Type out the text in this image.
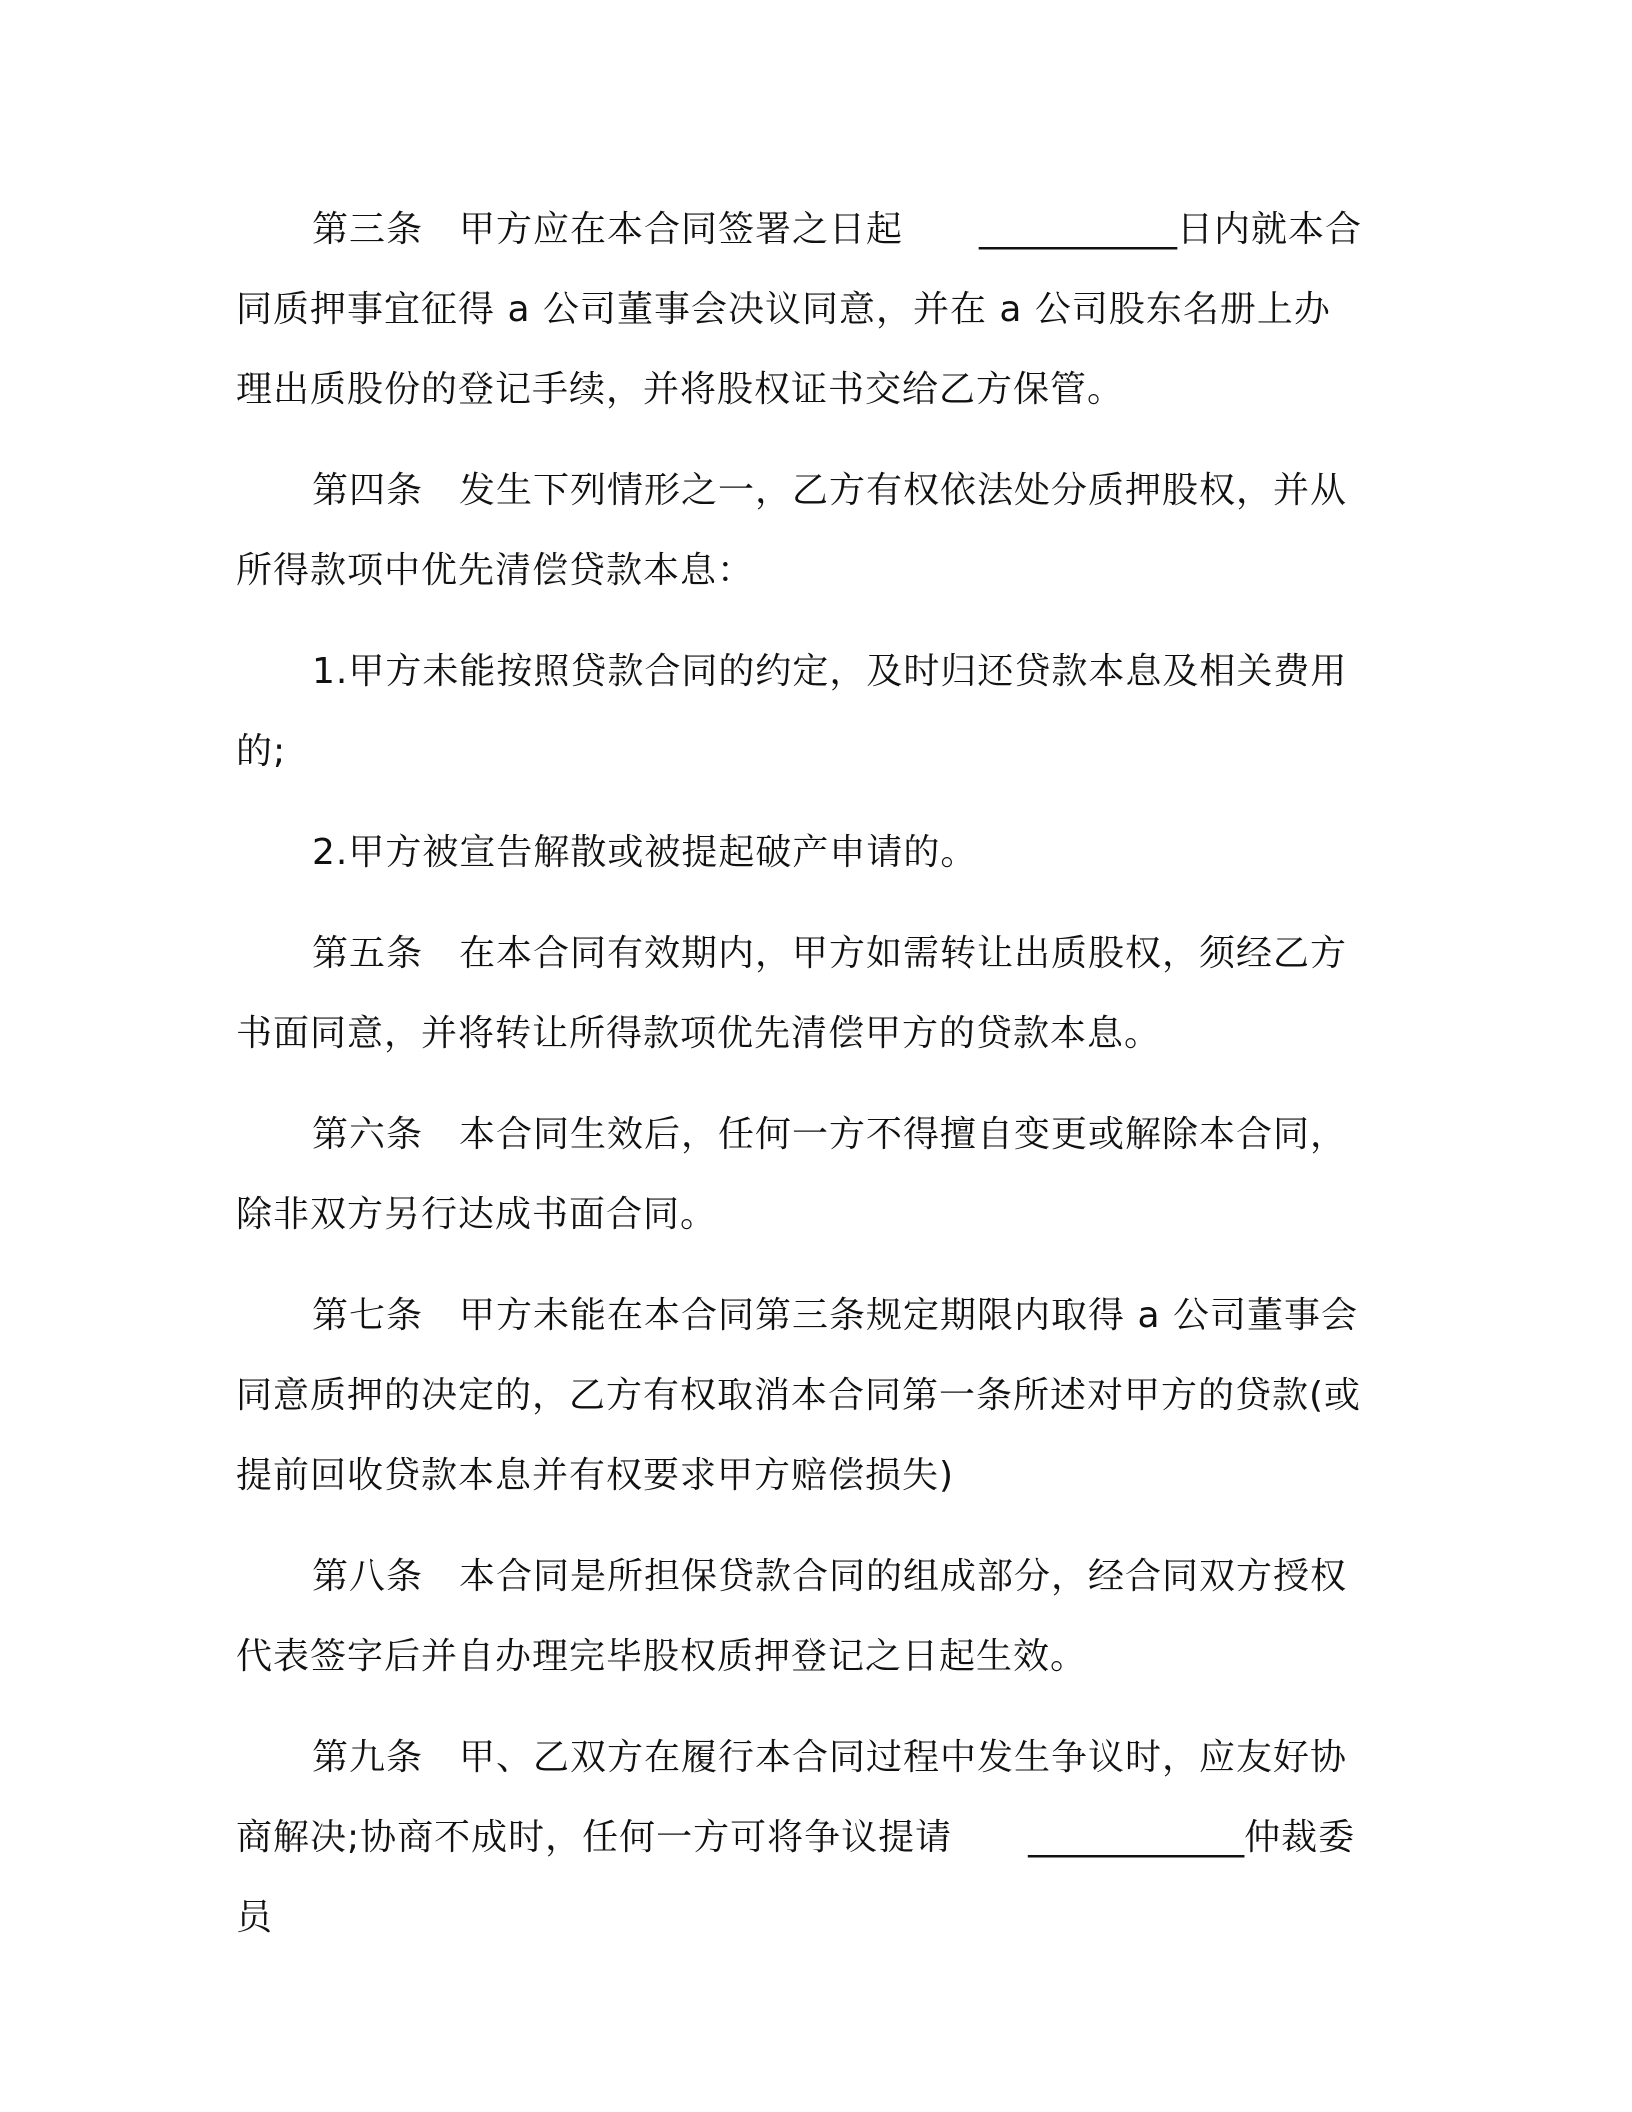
第三条 甲方应在本合同签署之日起 ___________日内就本合同质押事宜征得 a 公司董事会决议同意，并在 a 公司股东名册上办理出质股份的登记手续，并将股权证书交给乙方保管。

第四条 发生下列情形之一，乙方有权依法处分质押股权，并从所得款项中优先清偿贷款本息：

1.甲方未能按照贷款合同的约定，及时归还贷款本息及相关费用的;

2.甲方被宣告解散或被提起破产申请的。

第五条 在本合同有效期内，甲方如需转让出质股权，须经乙方书面同意，并将转让所得款项优先清偿甲方的贷款本息。

第六条 本合同生效后，任何一方不得擅自变更或解除本合同，除非双方另行达成书面合同。

第七条 甲方未能在本合同第三条规定期限内取得 a 公司董事会同意质押的决定的，乙方有权取消本合同第一条所述对甲方的贷款(或提前回收贷款本息并有权要求甲方赔偿损失)

第八条 本合同是所担保贷款合同的组成部分，经合同双方授权代表签字后并自办理完毕股权质押登记之日起生效。

第九条 甲、乙双方在履行本合同过程中发生争议时，应友好协商解决;协商不成时，任何一方可将争议提请 ____________仲裁委员
